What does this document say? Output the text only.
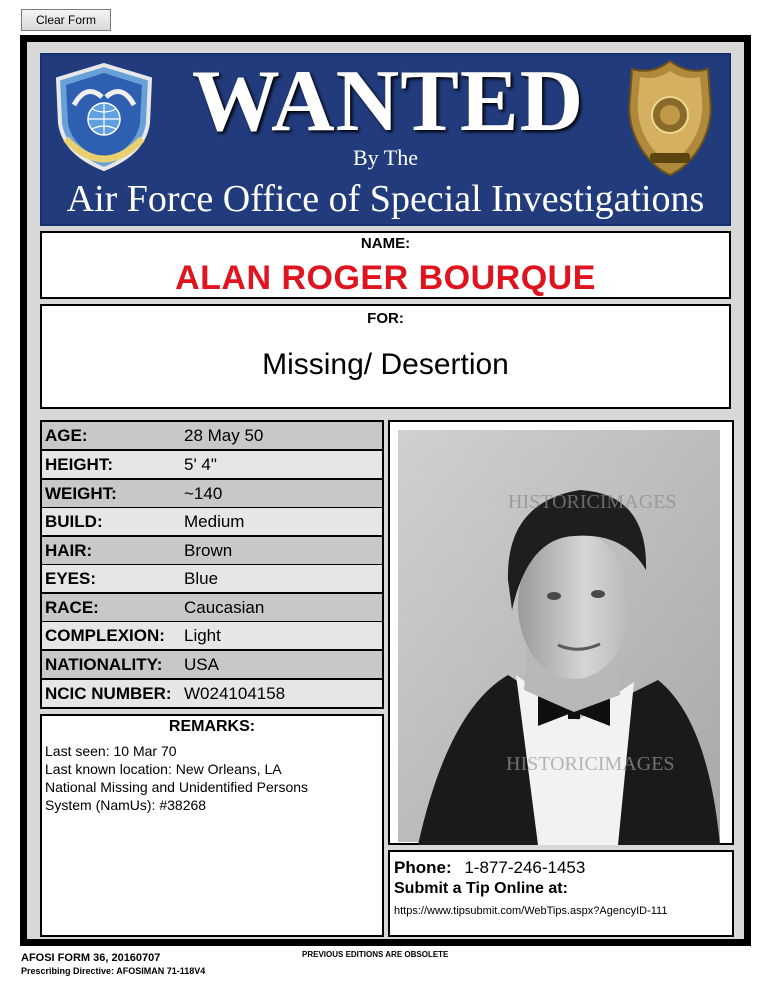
Clear Form
WANTED
By The
Air Force Office of Special Investigations
NAME:
ALAN ROGER BOURQUE
FOR:
Missing/ Desertion
AGE:	28 May 50
HEIGHT:	5' 4"
WEIGHT:	~140
BUILD:	Medium
HAIR:	Brown
EYES:	Blue
RACE:	Caucasian
COMPLEXION:	Light
NATIONALITY:	USA
NCIC NUMBER: W024104158
REMARKS:
Last seen: 10 Mar 70
Last known location: New Orleans, LA
National Missing and Unidentified Persons
System (NamUs): #38268
HISTORICIMAGES
HISTORICIMAGES
Phone: 1-877-246-1453
Submit a Tip Online at:
https://www.tipsubmit.com/WebTips.aspx?AgencyID-111
AFOSI FORM 36, 20160707
Prescribing Directive: AFOSIMAN 71-118V4
PREVIOUS EDITIONS ARE OBSOLETE
